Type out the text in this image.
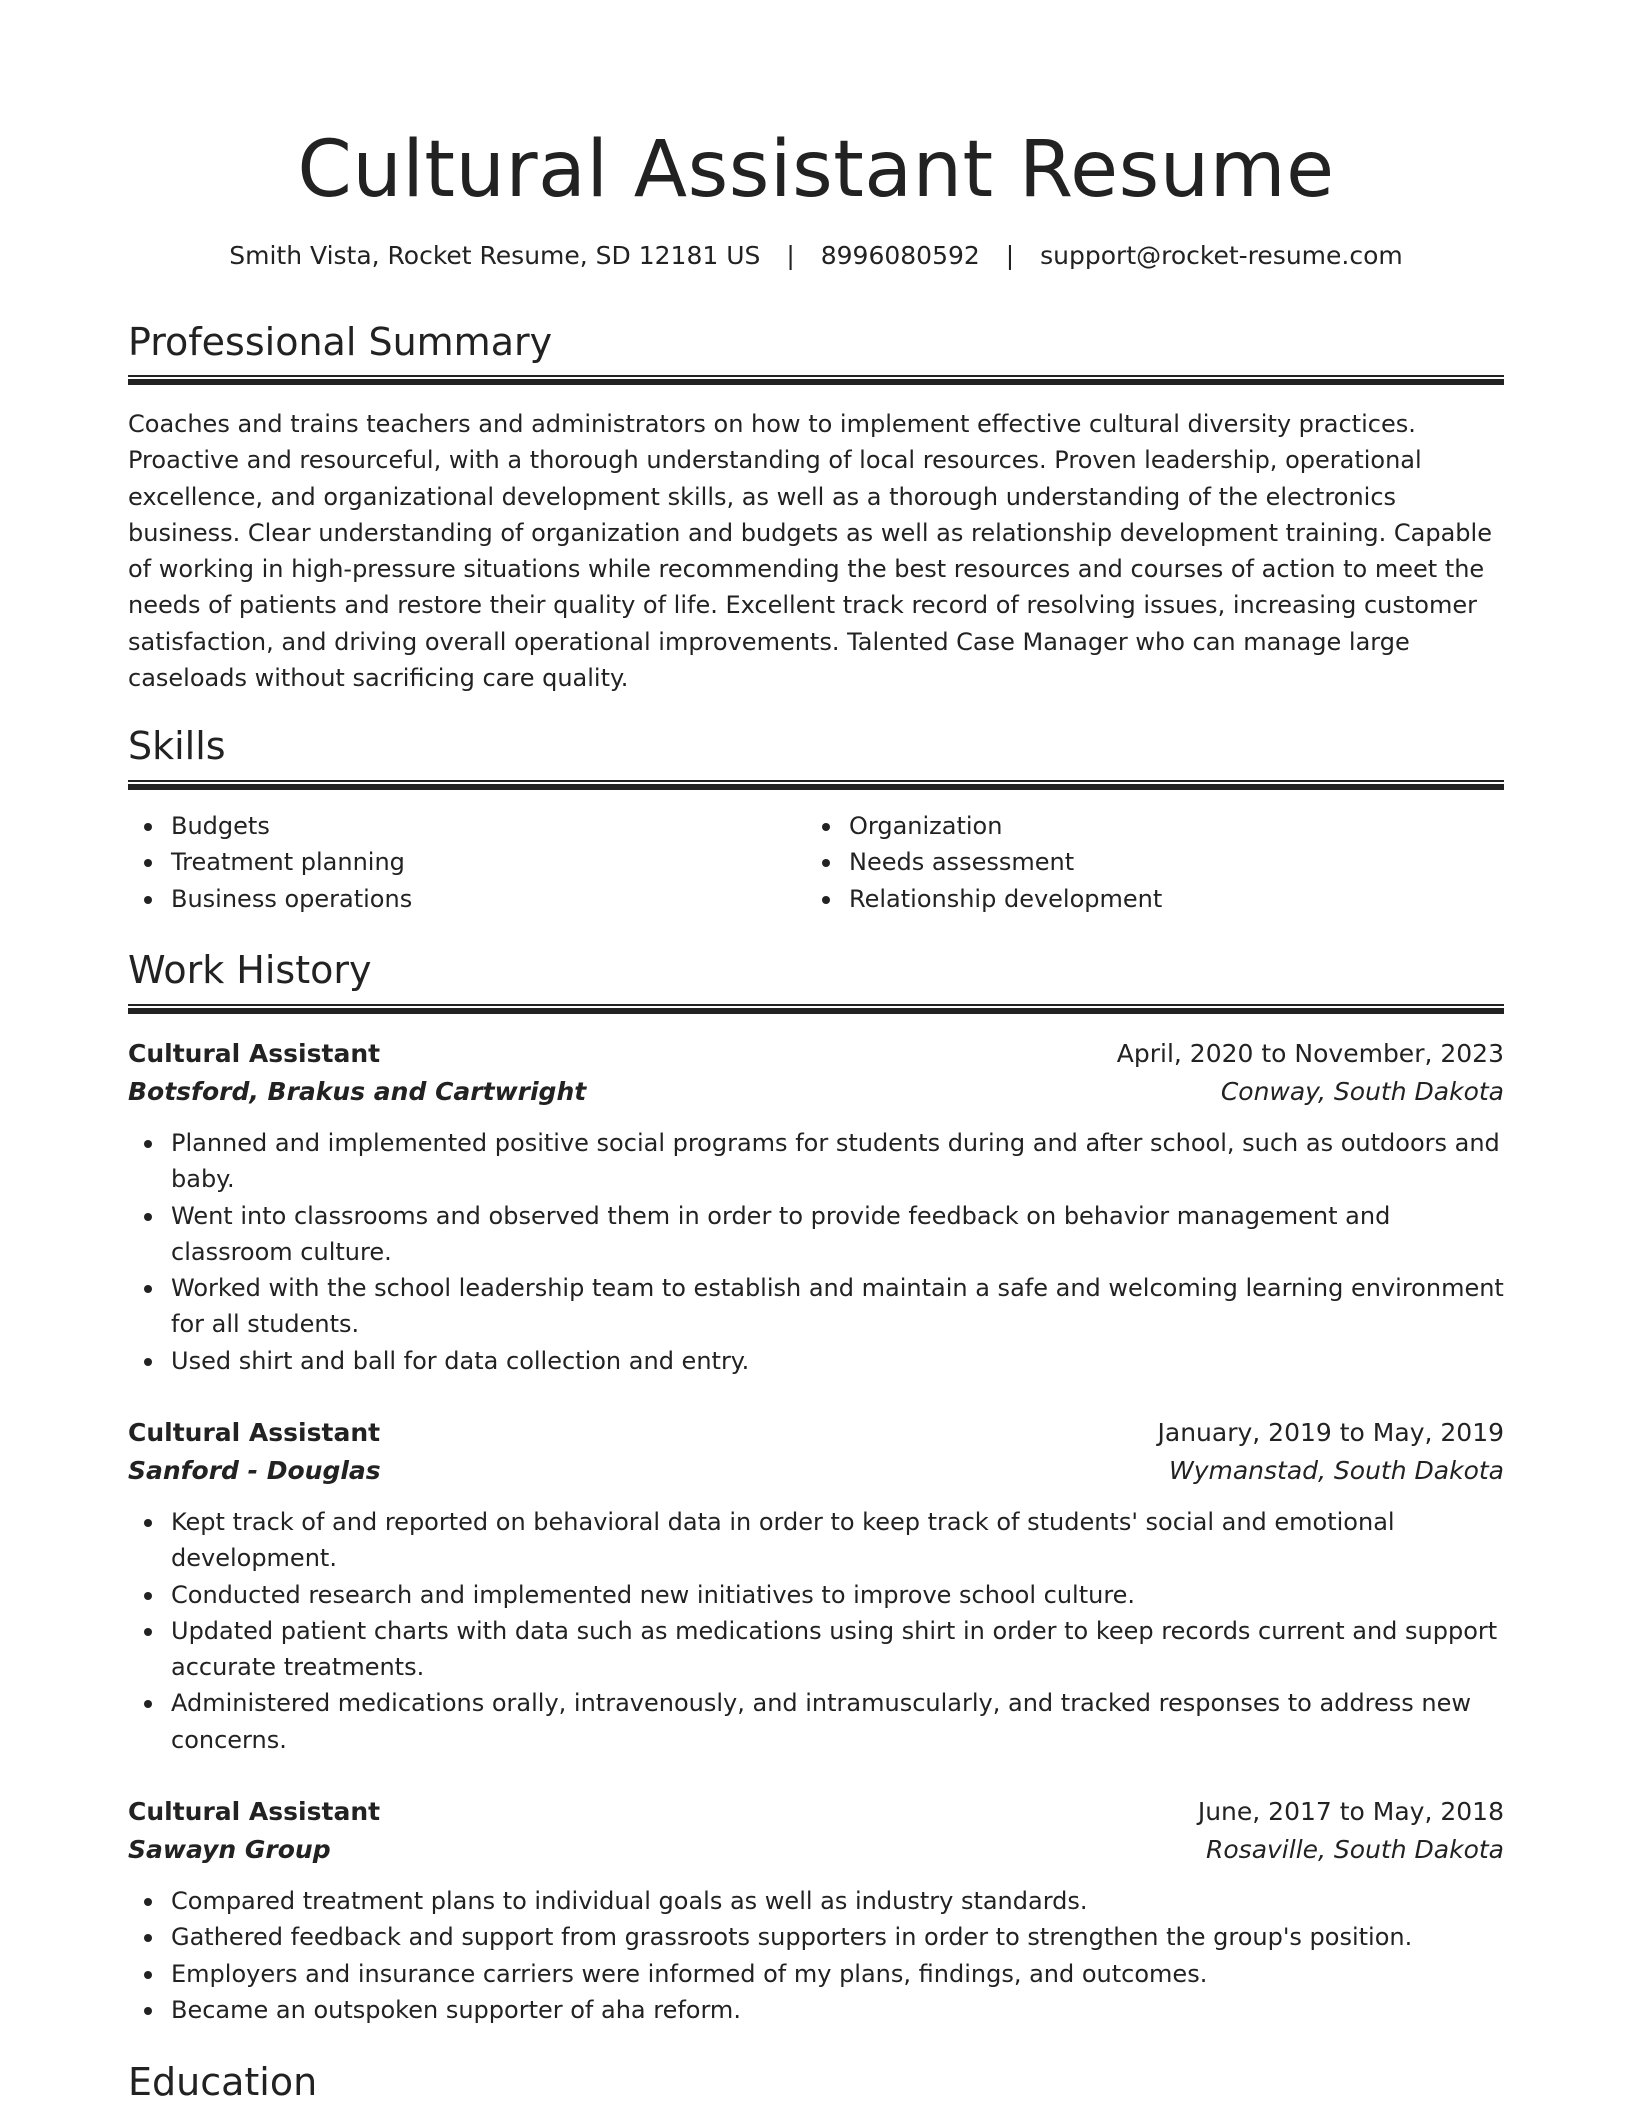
Cultural Assistant Resume
Smith Vista, Rocket Resume, SD 12181 US | 8996080592 | support@rocket-resume.com
Professional Summary

Coaches and trains teachers and administrators on how to implement effective cultural diversity practices. Proactive and resourceful, with a thorough understanding of local resources. Proven leadership, operational excellence, and organizational development skills, as well as a thorough understanding of the electronics business. Clear understanding of organization and budgets as well as relationship development training. Capable of working in high-pressure situations while recommending the best resources and courses of action to meet the needs of patients and restore their quality of life. Excellent track record of resolving issues, increasing customer satisfaction, and driving overall operational improvements. Talented Case Manager who can manage large caseloads without sacrificing care quality.

Skills
Budgets
Treatment planning
Business operations
Organization
Needs assessment
Relationship development
Work History
Cultural Assistant	April, 2020 to November, 2023
Botsford, Brakus and Cartwright	Conway, South Dakota
Planned and implemented positive social programs for students during and after school, such as outdoors and baby.
Went into classrooms and observed them in order to provide feedback on behavior management and classroom culture.
Worked with the school leadership team to establish and maintain a safe and welcoming learning environment for all students.
Used shirt and ball for data collection and entry.
Cultural Assistant	January, 2019 to May, 2019
Sanford - Douglas	Wymanstad, South Dakota
Kept track of and reported on behavioral data in order to keep track of students' social and emotional development.
Conducted research and implemented new initiatives to improve school culture.
Updated patient charts with data such as medications using shirt in order to keep records current and support accurate treatments.
Administered medications orally, intravenously, and intramuscularly, and tracked responses to address new concerns.
Cultural Assistant	June, 2017 to May, 2018
Sawayn Group	Rosaville, South Dakota
Compared treatment plans to individual goals as well as industry standards.
Gathered feedback and support from grassroots supporters in order to strengthen the group's position.
Employers and insurance carriers were informed of my plans, findings, and outcomes.
Became an outspoken supporter of aha reform.
Education
